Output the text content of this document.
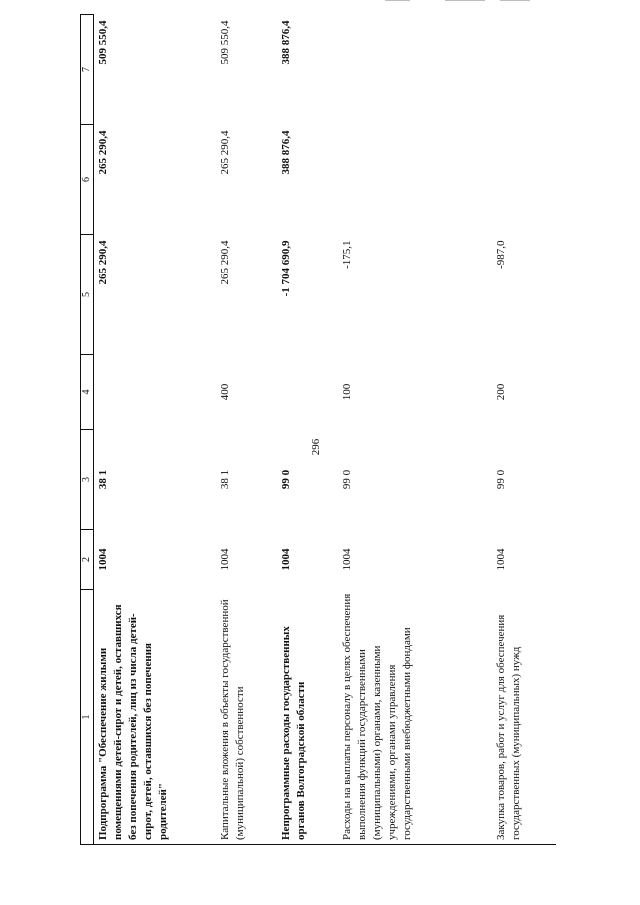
296
1	2	3	4	5	6	7
Подпрограмма "Обеспечение жилыми помещениями детей-сирот и детей, оставшихся без попечения родителей, лиц из числа детей-сирот, детей, оставшихся без попечения родителей"	1004	38 1		265 290,4	265 290,4	509 550,4
Капитальные вложения в объекты государственной (муниципальной) собственности	1004	38 1	400	265 290,4	265 290,4	509 550,4
Непрограммные расходы государственных органов Волгоградской области	1004	99 0		-1 704 690,9	388 876,4	388 876,4
Расходы на выплаты персоналу в целях обеспечения выполнения функций государственными (муниципальными) органами, казенными учреждениями, органами управления государственными внебюджетными фондами	1004	99 0	100	-175,1		
Закупка товаров, работ и услуг для обеспечения государственных (муниципальных) нужд	1004	99 0	200	-987,0		
